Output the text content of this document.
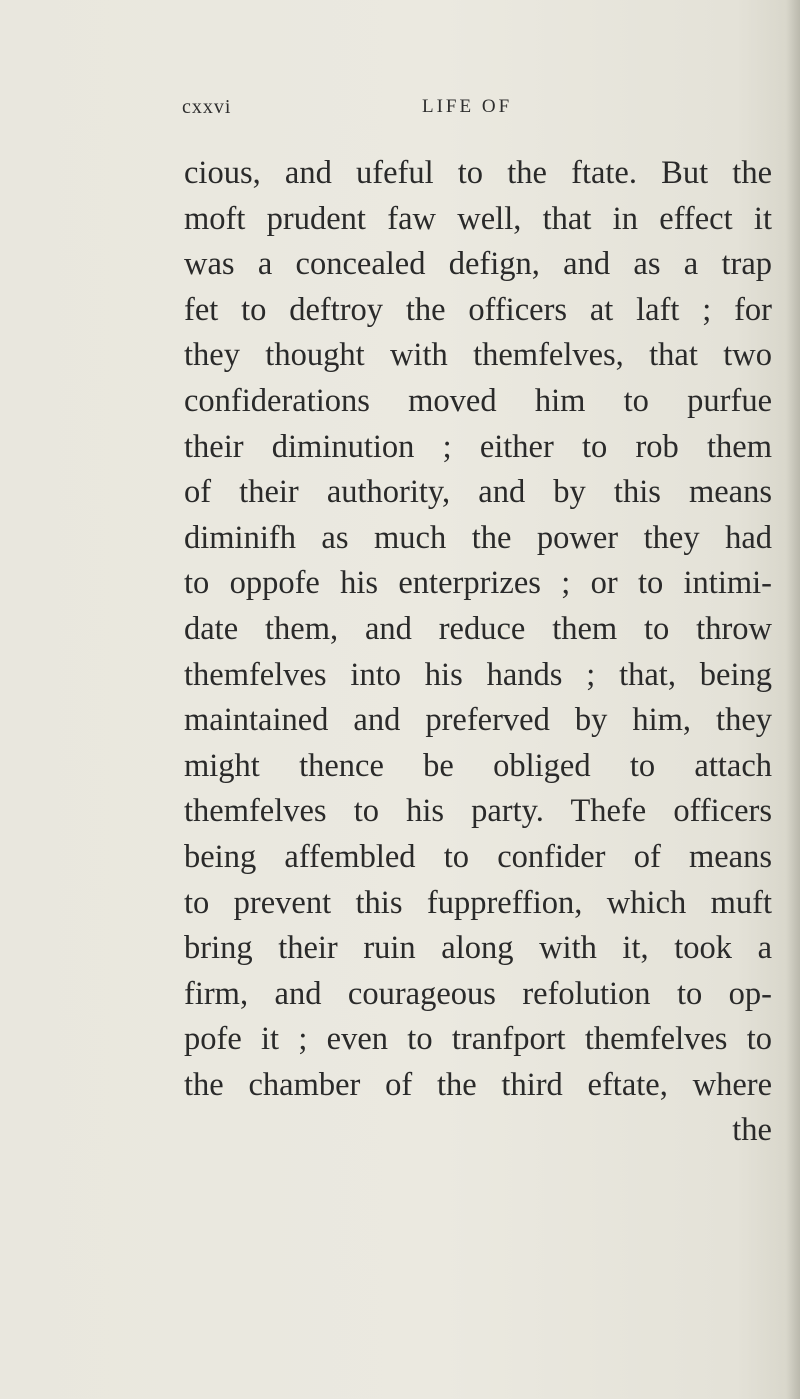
cxxvi	LIFE OF
cious, and ufeful to the ftate. But the
moft prudent faw well, that in effect it
was a concealed defign, and as a trap
fet to deftroy the officers at laft ; for
they thought with themfelves, that two
confiderations moved him to purfue
their diminution ; either to rob them
of their authority, and by this means
diminifh as much the power they had
to oppofe his enterprizes ; or to intimi-
date them, and reduce them to throw
themfelves into his hands ; that, being
maintained and preferved by him, they
might thence be obliged to attach
themfelves to his party. Thefe officers
being affembled to confider of means
to prevent this fuppreffion, which muft
bring their ruin along with it, took a
firm, and courageous refolution to op-
pofe it ; even to tranfport themfelves to
the chamber of the third eftate, where
the
